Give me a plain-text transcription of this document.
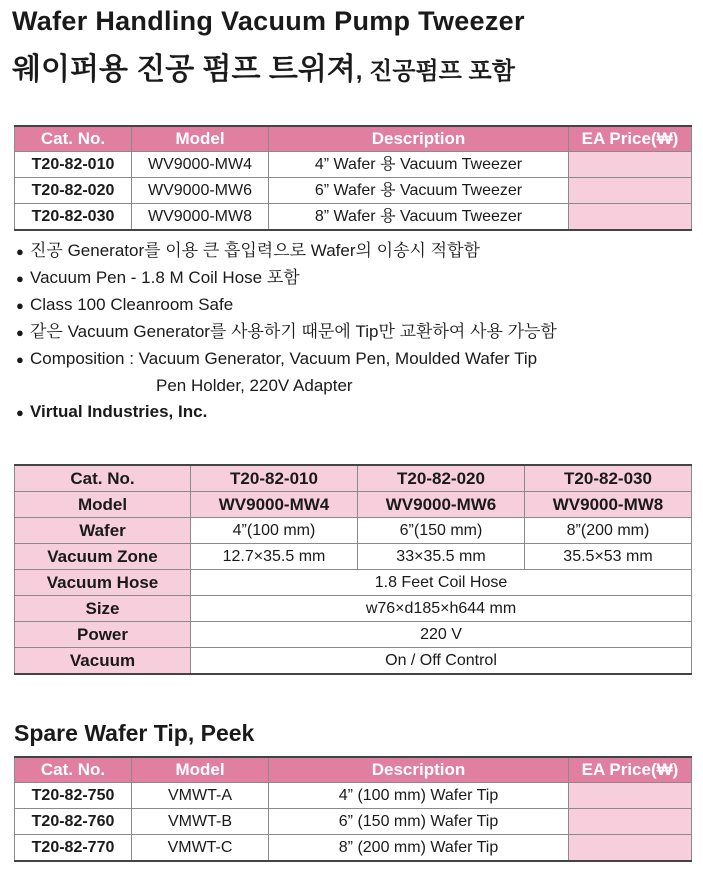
Wafer Handling Vacuum Pump Tweezer
웨이퍼용 진공 펌프 트위져, 진공펌프 포함
Cat. No.	Model	Description	EA Price(₩)
T20-82-010	WV9000-MW4	4” Wafer 용 Vacuum Tweezer	
T20-82-020	WV9000-MW6	6” Wafer 용 Vacuum Tweezer	
T20-82-030	WV9000-MW8	8” Wafer 용 Vacuum Tweezer	
● 진공 Generator를 이용 큰 흡입력으로 Wafer의 이송시 적합함
● Vacuum Pen - 1.8 M Coil Hose 포함
● Class 100 Cleanroom Safe
● 같은 Vacuum Generator를 사용하기 때문에 Tip만 교환하여 사용 가능함
● Composition : Vacuum Generator, Vacuum Pen, Moulded Wafer Tip
Pen Holder, 220V Adapter
● Virtual Industries, Inc.
Cat. No.	T20-82-010	T20-82-020	T20-82-030
Model	WV9000-MW4	WV9000-MW6	WV9000-MW8
Wafer	4”(100 mm)	6”(150 mm)	8”(200 mm)
Vacuum Zone	12.7×35.5 mm	33×35.5 mm	35.5×53 mm
Vacuum Hose	1.8 Feet Coil Hose		
Size	w76×d185×h644 mm		
Power	220 V		
Vacuum	On / Off Control		
Spare Wafer Tip, Peek
Cat. No.	Model	Description	EA Price(₩)
T20-82-750	VMWT-A	4” (100 mm) Wafer Tip	
T20-82-760	VMWT-B	6” (150 mm) Wafer Tip	
T20-82-770	VMWT-C	8” (200 mm) Wafer Tip	
